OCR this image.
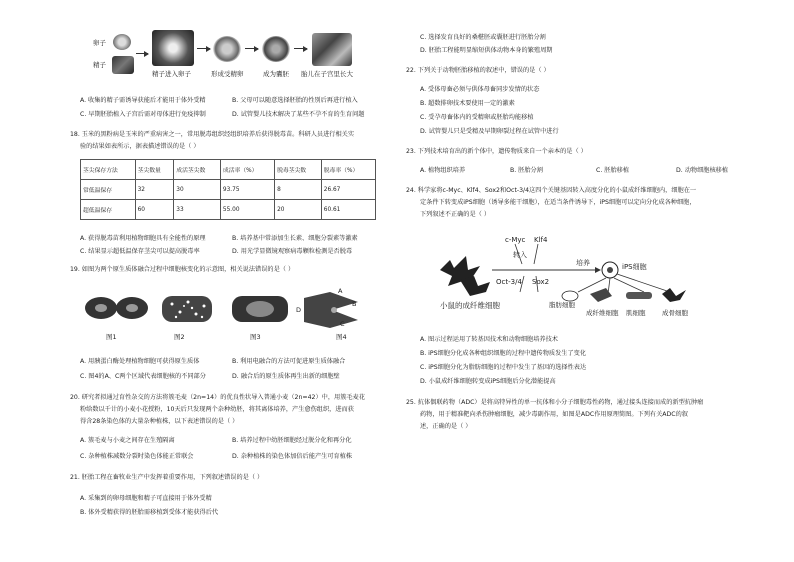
卵子
精子
精子进入卵子	形成受精卵	成为囊胚 胎儿在子宫里长大
A. 收集的精子需诱导获能后才能用于体外受精	B. 父母可以随意选择胚胎的性别后再进行植入
C. 早期胚胎植入子宫后需对母体进行免疫抑制	D. 试管婴儿技术解决了某些不孕不育的生育问题
18. 玉米的黑粉病是玉米的严重病害之一，常用脱毒组织经组织培养后获得脱毒苗。科研人员进行相关实
验的结果如表所示，据表描述错误的是（ ）
茎尖保存方法	茎尖数量	成活茎尖数	成活率（%）	脱毒茎尖数	脱毒率（%）
常低温保存	32	30	93.75	8	26.67
超低温保存	60	33	55.00	20	60.61
A. 获得脱毒苗利用植物细胞具有全能性的原理	B. 培养基中常添加生长素、细胞分裂素等激素
C. 结果显示超低温保存茎尖可以提高脱毒率	D. 用光学显微镜观察病毒颗粒检测是否脱毒
19. 如图为两个原生质体融合过程中细胞核变化的示意图，相关说法错误的是（ ）
图1	图2	图3	图4
A
B
C
D
A. 用胰蛋白酶处理植物细胞可获得原生质体	B. 利用电融合的方法可促进原生质体融合
C. 图4的A、C两个区域代表细胞核的不同部分	D. 融合后的原生质体再生出新的细胞壁
20. 研究者拟通过育性杂交的方法将簇毛麦（2n=14）的优良性状导入普通小麦（2n=42）中，用簇毛麦花
粉给数以千计的小麦小花授粉，10天后只发现两个杂种幼胚，将其离体培养，产生愈伤组织，进而获
得含28条染色体的大量杂种植株，以下表述错误的是（ ）
A. 簇毛麦与小麦之间存在生殖隔离	B. 培养过程中幼胚细胞经过脱分化和再分化
C. 杂种植株减数分裂时染色体能正常联会	D. 杂种植株的染色体加倍后能产生可育植株
21. 胚胎工程在畜牧业生产中发挥着重要作用，下列叙述错误的是（ ）
A. 采集到的卵母细胞和精子可直接用于体外受精
B. 体外受精获得的胚胎需移植到受体才能获得后代
C. 选择发育良好的桑椹胚或囊胚进行胚胎分割
D. 胚胎工程能明显缩短供体动物本身的繁殖周期
22. 下列关于动物胚胎移植的叙述中，错误的是（ ）
A. 受体母畜必须与供体母畜同步发情的状态
B. 超数排卵技术要使用一定的激素
C. 受孕母畜体内的受精卵或胚胎均能移植
D. 试管婴儿只是受精及早期卵裂过程在试管中进行
23. 下列技术培育出的新个体中，遗传物质来自一个亲本的是（ ）
A. 植物组织培养	B. 胚胎分割	C. 胚胎移植	D. 动物细胞核移植
24. 科学家将c-Myc、Klf4、Sox2和Oct-3/4这四个关键基因转入高度分化的小鼠成纤维细胞内，细胞在一
定条件下转变成iPS细胞（诱导多能干细胞），在适当条件诱导下，iPS细胞可以定向分化成各种细胞，
下列叙述不正确的是（ ）
c-Myc Klf4
转入
培养
Oct-3/4 Sox2
iPS细胞
小鼠的成纤维细胞	脂肪细胞
成纤维细胞 肌细胞	成骨细胞
A. 图示过程运用了转基因技术和动物细胞培养技术
B. iPS细胞分化成各种组织细胞的过程中遗传物质发生了变化
C. iPS细胞分化为脂肪细胞的过程中发生了基因的选择性表达
D. 小鼠成纤维细胞转变成iPS细胞后分化潜能提高
25. 抗体偶联药物（ADC）是将高特异性的单一抗体和小分子细胞毒性药物，通过接头连接而成的新型抗肿瘤
药物，用于精准靶向杀伤肿瘤细胞，减少毒副作用，如图是ADC作用原理简图。下列有关ADC的叙
述，正确的是（ ）
